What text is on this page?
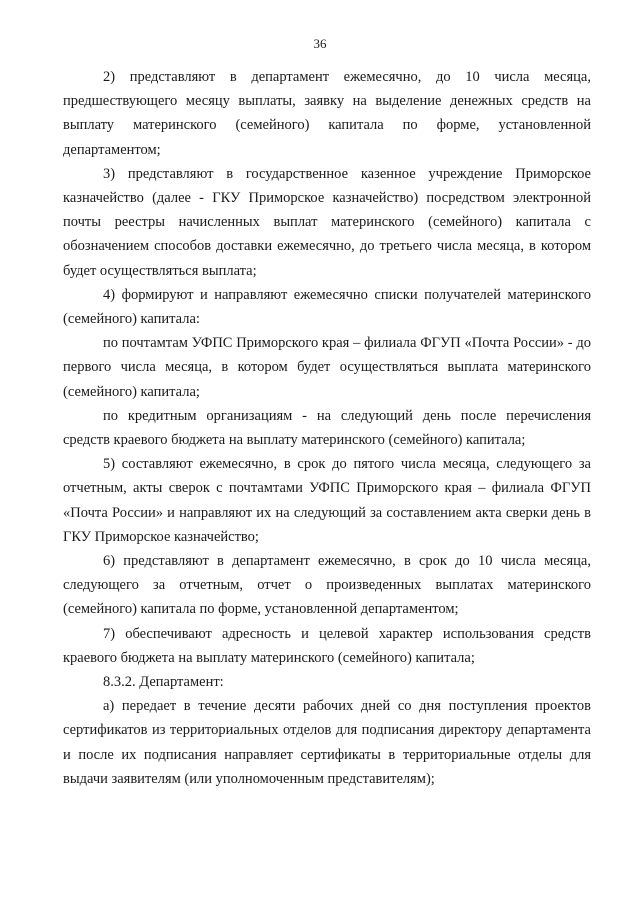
36

2) представляют в департамент ежемесячно, до 10 числа месяца, предшествующего месяцу выплаты, заявку на выделение денежных средств на выплату материнского (семейного) капитала по форме, установленной департаментом;

3) представляют в государственное казенное учреждение Приморское казначейство (далее - ГКУ Приморское казначейство) посредством электронной почты реестры начисленных выплат материнского (семейного) капитала с обозначением способов доставки ежемесячно, до третьего числа месяца, в котором будет осуществляться выплата;

4) формируют и направляют ежемесячно списки получателей материнского (семейного) капитала:

по почтамтам УФПС Приморского края – филиала ФГУП «Почта России» - до первого числа месяца, в котором будет осуществляться выплата материнского (семейного) капитала;

по кредитным организациям - на следующий день после перечисления средств краевого бюджета на выплату материнского (семейного) капитала;

5) составляют ежемесячно, в срок до пятого числа месяца, следующего за отчетным, акты сверок с почтамтами УФПС Приморского края – филиала ФГУП «Почта России» и направляют их на следующий за составлением акта сверки день в ГКУ Приморское казначейство;

6) представляют в департамент ежемесячно, в срок до 10 числа месяца, следующего за отчетным, отчет о произведенных выплатах материнского (семейного) капитала по форме, установленной департаментом;

7) обеспечивают адресность и целевой характер использования средств краевого бюджета на выплату материнского (семейного) капитала;

8.3.2. Департамент:

а) передает в течение десяти рабочих дней со дня поступления проектов сертификатов из территориальных отделов для подписания директору департамента и после их подписания направляет сертификаты в территориальные отделы для выдачи заявителям (или уполномоченным представителям);
